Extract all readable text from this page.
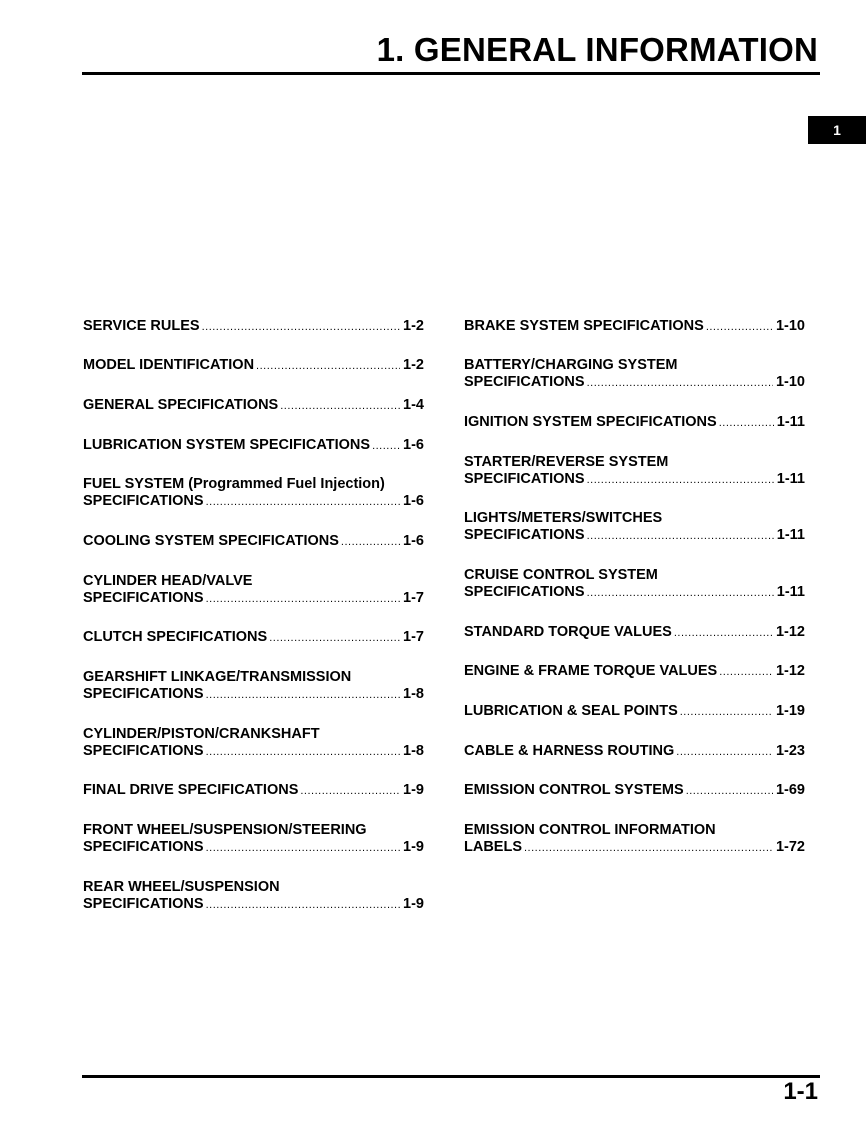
1. GENERAL INFORMATION
1
SERVICE RULES .....	1-2
MODEL IDENTIFICATION .....	1-2
GENERAL SPECIFICATIONS .....	1-4
LUBRICATION SYSTEM SPECIFICATIONS ..... 1-6
FUEL SYSTEM (Programmed Fuel Injection)
SPECIFICATIONS .....	1-6
COOLING SYSTEM SPECIFICATIONS .....	1-6
CYLINDER HEAD/VALVE
SPECIFICATIONS .....	1-7
CLUTCH SPECIFICATIONS .....	1-7
GEARSHIFT LINKAGE/TRANSMISSION
SPECIFICATIONS .....	1-8
CYLINDER/PISTON/CRANKSHAFT
SPECIFICATIONS .....	1-8
FINAL DRIVE SPECIFICATIONS .....	1-9
FRONT WHEEL/SUSPENSION/STEERING
SPECIFICATIONS .....	1-9
REAR WHEEL/SUSPENSION
SPECIFICATIONS .....	1-9
BRAKE SYSTEM SPECIFICATIONS .....	1-10
BATTERY/CHARGING SYSTEM
SPECIFICATIONS .....	1-10
IGNITION SYSTEM SPECIFICATIONS .....	1-11
STARTER/REVERSE SYSTEM
SPECIFICATIONS .....	1-11
LIGHTS/METERS/SWITCHES
SPECIFICATIONS .....	1-11
CRUISE CONTROL SYSTEM
SPECIFICATIONS .....	1-11
STANDARD TORQUE VALUES .....	1-12
ENGINE & FRAME TORQUE VALUES .....	1-12
LUBRICATION & SEAL POINTS .....	1-19
CABLE & HARNESS ROUTING .....	1-23
EMISSION CONTROL SYSTEMS .....	1-69
EMISSION CONTROL INFORMATION
LABELS .....	1-72
1-1
